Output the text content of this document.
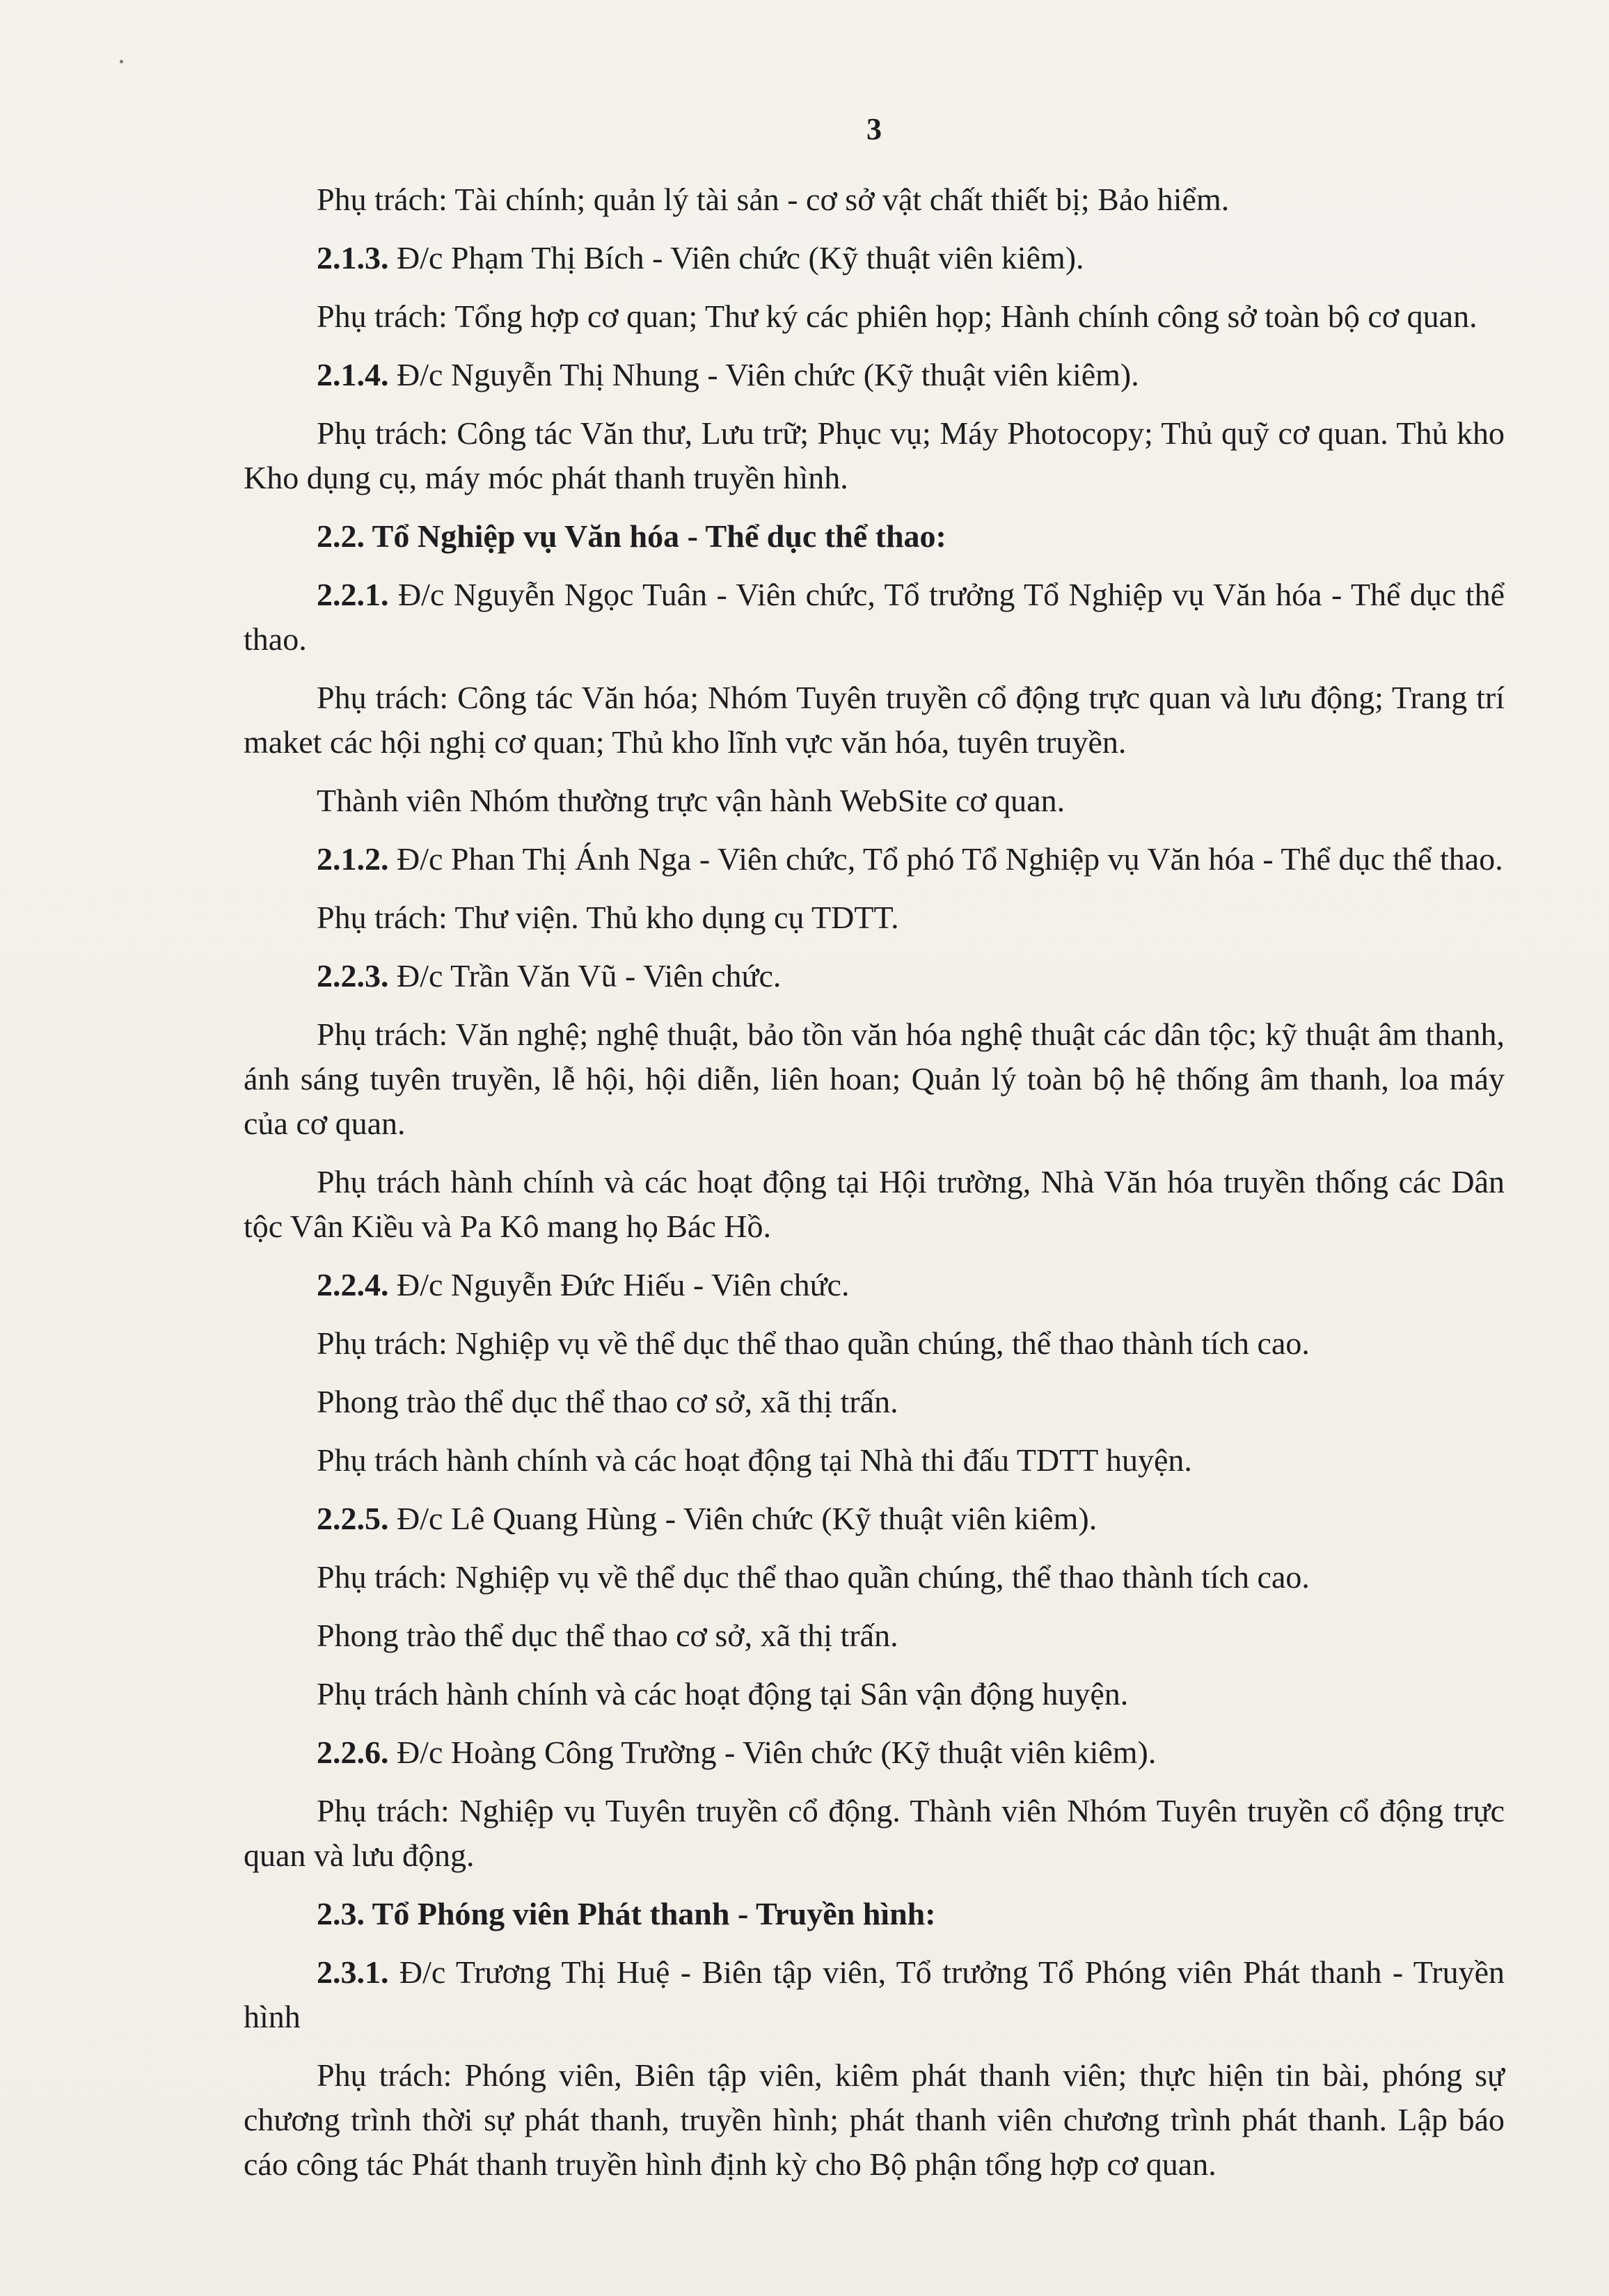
3

Phụ trách: Tài chính; quản lý tài sản - cơ sở vật chất thiết bị; Bảo hiểm.

2.1.3. Đ/c Phạm Thị Bích - Viên chức (Kỹ thuật viên kiêm).

Phụ trách: Tổng hợp cơ quan; Thư ký các phiên họp; Hành chính công sở toàn bộ cơ quan.

2.1.4. Đ/c Nguyễn Thị Nhung - Viên chức (Kỹ thuật viên kiêm).

Phụ trách: Công tác Văn thư, Lưu trữ; Phục vụ; Máy Photocopy; Thủ quỹ cơ quan. Thủ kho Kho dụng cụ, máy móc phát thanh truyền hình.

2.2. Tổ Nghiệp vụ Văn hóa - Thể dục thể thao:

2.2.1. Đ/c Nguyễn Ngọc Tuân - Viên chức, Tổ trưởng Tổ Nghiệp vụ Văn hóa - Thể dục thể thao.

Phụ trách: Công tác Văn hóa; Nhóm Tuyên truyền cổ động trực quan và lưu động; Trang trí maket các hội nghị cơ quan; Thủ kho lĩnh vực văn hóa, tuyên truyền.

Thành viên Nhóm thường trực vận hành WebSite cơ quan.

2.1.2. Đ/c Phan Thị Ánh Nga - Viên chức, Tổ phó Tổ Nghiệp vụ Văn hóa - Thể dục thể thao.

Phụ trách: Thư viện. Thủ kho dụng cụ TDTT.

2.2.3. Đ/c Trần Văn Vũ - Viên chức.

Phụ trách: Văn nghệ; nghệ thuật, bảo tồn văn hóa nghệ thuật các dân tộc; kỹ thuật âm thanh, ánh sáng tuyên truyền, lễ hội, hội diễn, liên hoan; Quản lý toàn bộ hệ thống âm thanh, loa máy của cơ quan.

Phụ trách hành chính và các hoạt động tại Hội trường, Nhà Văn hóa truyền thống các Dân tộc Vân Kiều và Pa Kô mang họ Bác Hồ.

2.2.4. Đ/c Nguyễn Đức Hiếu - Viên chức.

Phụ trách: Nghiệp vụ về thể dục thể thao quần chúng, thể thao thành tích cao.

Phong trào thể dục thể thao cơ sở, xã thị trấn.

Phụ trách hành chính và các hoạt động tại Nhà thi đấu TDTT huyện.

2.2.5. Đ/c Lê Quang Hùng - Viên chức (Kỹ thuật viên kiêm).

Phụ trách: Nghiệp vụ về thể dục thể thao quần chúng, thể thao thành tích cao.

Phong trào thể dục thể thao cơ sở, xã thị trấn.

Phụ trách hành chính và các hoạt động tại Sân vận động huyện.

2.2.6. Đ/c Hoàng Công Trường - Viên chức (Kỹ thuật viên kiêm).

Phụ trách: Nghiệp vụ Tuyên truyền cổ động. Thành viên Nhóm Tuyên truyền cổ động trực quan và lưu động.

2.3. Tổ Phóng viên Phát thanh - Truyền hình:

2.3.1. Đ/c Trương Thị Huệ - Biên tập viên, Tổ trưởng Tổ Phóng viên Phát thanh - Truyền hình

Phụ trách: Phóng viên, Biên tập viên, kiêm phát thanh viên; thực hiện tin bài, phóng sự chương trình thời sự phát thanh, truyền hình; phát thanh viên chương trình phát thanh. Lập báo cáo công tác Phát thanh truyền hình định kỳ cho Bộ phận tổng hợp cơ quan.
